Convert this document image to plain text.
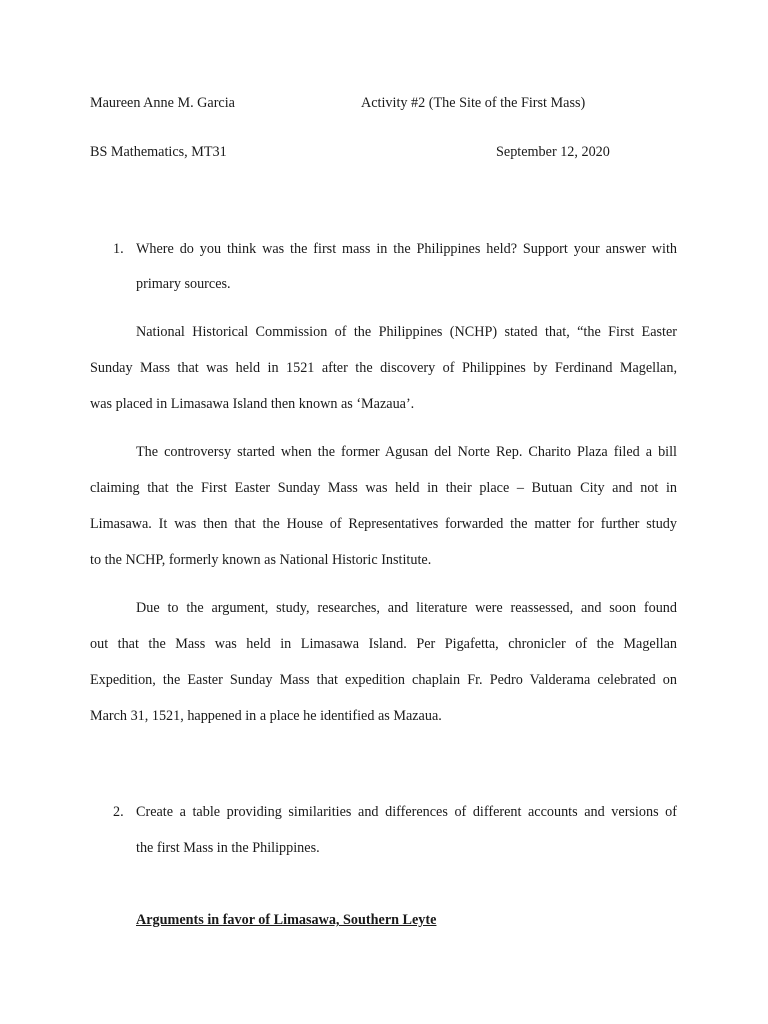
Maureen Anne M. Garcia	Activity #2 (The Site of the First Mass)
BS Mathematics, MT31	September 12, 2020
1. Where do you think was the first mass in the Philippines held? Support your answer with
primary sources.
National Historical Commission of the Philippines (NCHP) stated that, “the First Easter
Sunday Mass that was held in 1521 after the discovery of Philippines by Ferdinand Magellan,
was placed in Limasawa Island then known as ‘Mazaua’.
The controversy started when the former Agusan del Norte Rep. Charito Plaza filed a bill
claiming that the First Easter Sunday Mass was held in their place – Butuan City and not in
Limasawa. It was then that the House of Representatives forwarded the matter for further study
to the NCHP, formerly known as National Historic Institute.
Due to the argument, study, researches, and literature were reassessed, and soon found
out that the Mass was held in Limasawa Island. Per Pigafetta, chronicler of the Magellan
Expedition, the Easter Sunday Mass that expedition chaplain Fr. Pedro Valderama celebrated on
March 31, 1521, happened in a place he identified as Mazaua.
2. Create a table providing similarities and differences of different accounts and versions of
the first Mass in the Philippines.
Arguments in favor of Limasawa, Southern Leyte
